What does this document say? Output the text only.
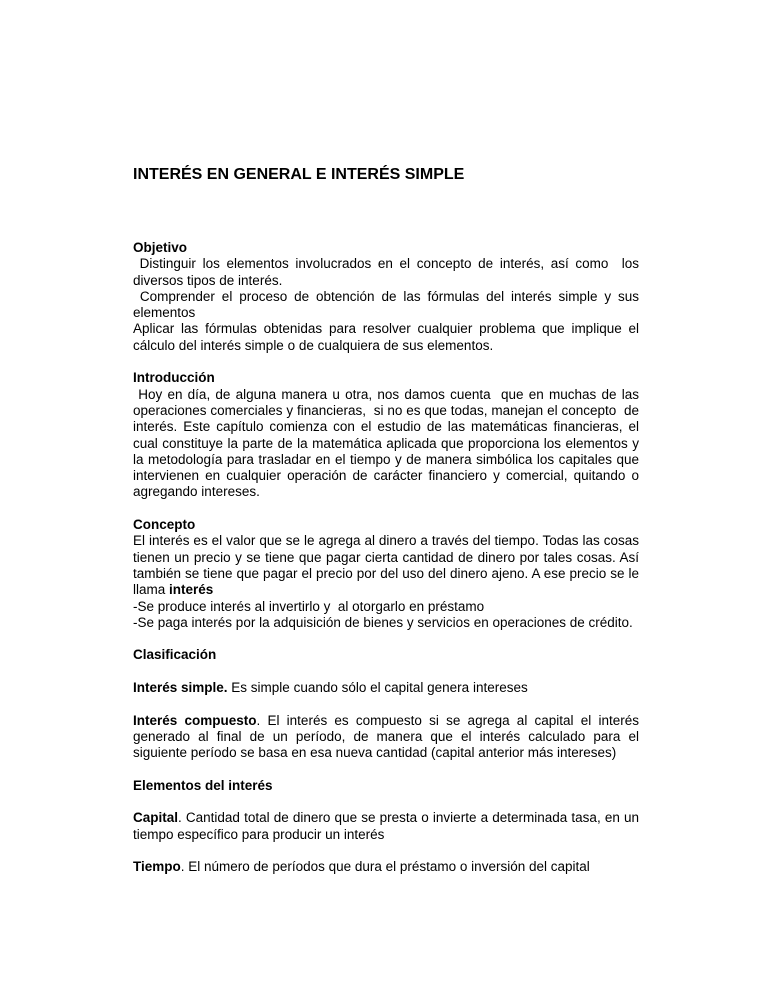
INTERÉS EN GENERAL E INTERÉS SIMPLE
Objetivo

Distinguir los elementos involucrados en el concepto de interés, así como  los diversos tipos de interés.

Comprender el proceso de obtención de las fórmulas del interés simple y sus elementos

Aplicar las fórmulas obtenidas para resolver cualquier problema que implique el cálculo del interés simple o de cualquiera de sus elementos.

Introducción

Hoy en día, de alguna manera u otra, nos damos cuenta  que en muchas de las operaciones comerciales y financieras,  si no es que todas, manejan el concepto  de interés. Este capítulo comienza con el estudio de las matemáticas financieras, el cual constituye la parte de la matemática aplicada que proporciona los elementos y la metodología para trasladar en el tiempo y de manera simbólica los capitales que intervienen en cualquier operación de carácter financiero y comercial, quitando o agregando intereses.

Concepto

El interés es el valor que se le agrega al dinero a través del tiempo. Todas las cosas tienen un precio y se tiene que pagar cierta cantidad de dinero por tales cosas. Así también se tiene que pagar el precio por del uso del dinero ajeno. A ese precio se le llama interés

-Se produce interés al invertirlo y  al otorgarlo en préstamo

-Se paga interés por la adquisición de bienes y servicios en operaciones de crédito.

Clasificación

Interés simple. Es simple cuando sólo el capital genera intereses

Interés compuesto. El interés es compuesto si se agrega al capital el interés generado al final de un período, de manera que el interés calculado para el siguiente período se basa en esa nueva cantidad (capital anterior más intereses)

Elementos del interés

Capital. Cantidad total de dinero que se presta o invierte a determinada tasa, en un tiempo específico para producir un interés

Tiempo. El número de períodos que dura el préstamo o inversión del capital
